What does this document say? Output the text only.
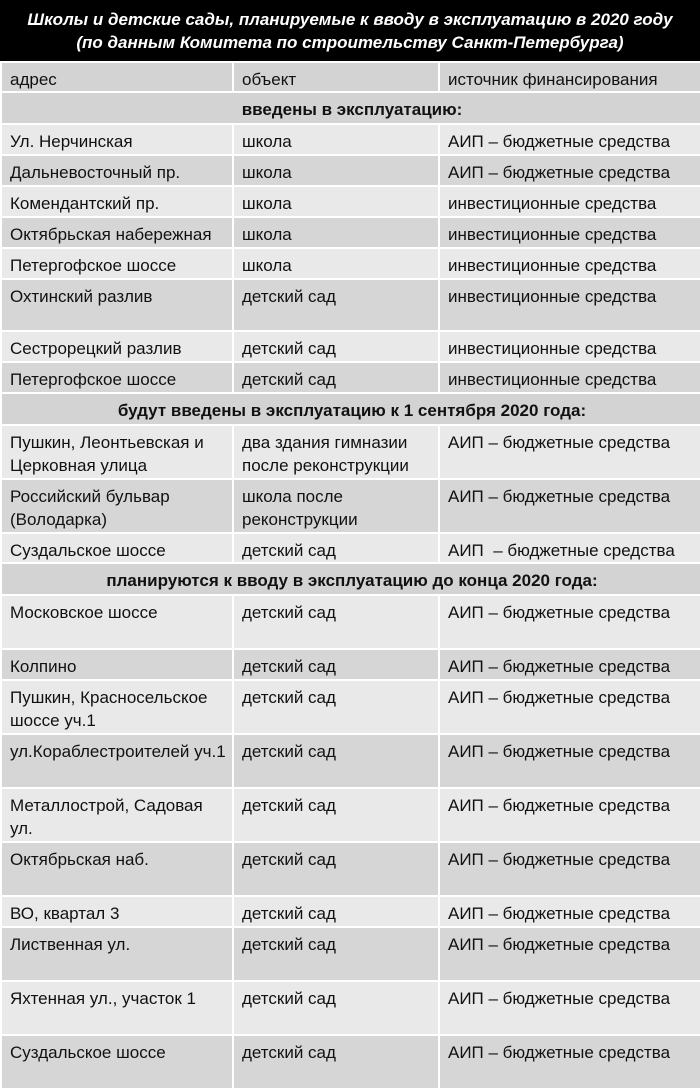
Школы и детские сады, планируемые к вводу в эксплуатацию в 2020 году
(по данным Комитета по строительству Санкт-Петербурга)
адрес	объект	источник финансирования
введены в эксплуатацию:		
Ул. Нерчинская	школа	АИП – бюджетные средства
Дальневосточный пр.	школа	АИП – бюджетные средства
Комендантский пр.	школа	инвестиционные средства
Октябрьская набережная	школа	инвестиционные средства
Петергофское шоссе	школа	инвестиционные средства
Охтинский разлив	детский сад	инвестиционные средства
Сестрорецкий разлив	детский сад	инвестиционные средства
Петергофское шоссе	детский сад	инвестиционные средства
будут введены в эксплуатацию к 1 сентября 2020 года:		
Пушкин, Леонтьевская и Церковная улица	два здания гимназии после реконструкции	АИП – бюджетные средства
Российский бульвар (Володарка)	школа после реконструкции	АИП – бюджетные средства
Суздальское шоссе	детский сад	АИП  – бюджетные средства
планируются к вводу в эксплуатацию до конца 2020 года:		
Московское шоссе	детский сад	АИП – бюджетные средства
Колпино	детский сад	АИП – бюджетные средства
Пушкин, Красносельское шоссе уч.1	детский сад	АИП – бюджетные средства
ул.Кораблестроителей уч.1	детский сад	АИП – бюджетные средства
Металлострой, Садовая ул.	детский сад	АИП – бюджетные средства
Октябрьская наб.	детский сад	АИП – бюджетные средства
ВО, квартал 3	детский сад	АИП – бюджетные средства
Лиственная ул.	детский сад	АИП – бюджетные средства
Яхтенная ул., участок 1	детский сад	АИП – бюджетные средства
Суздальское шоссе	детский сад	АИП – бюджетные средства
